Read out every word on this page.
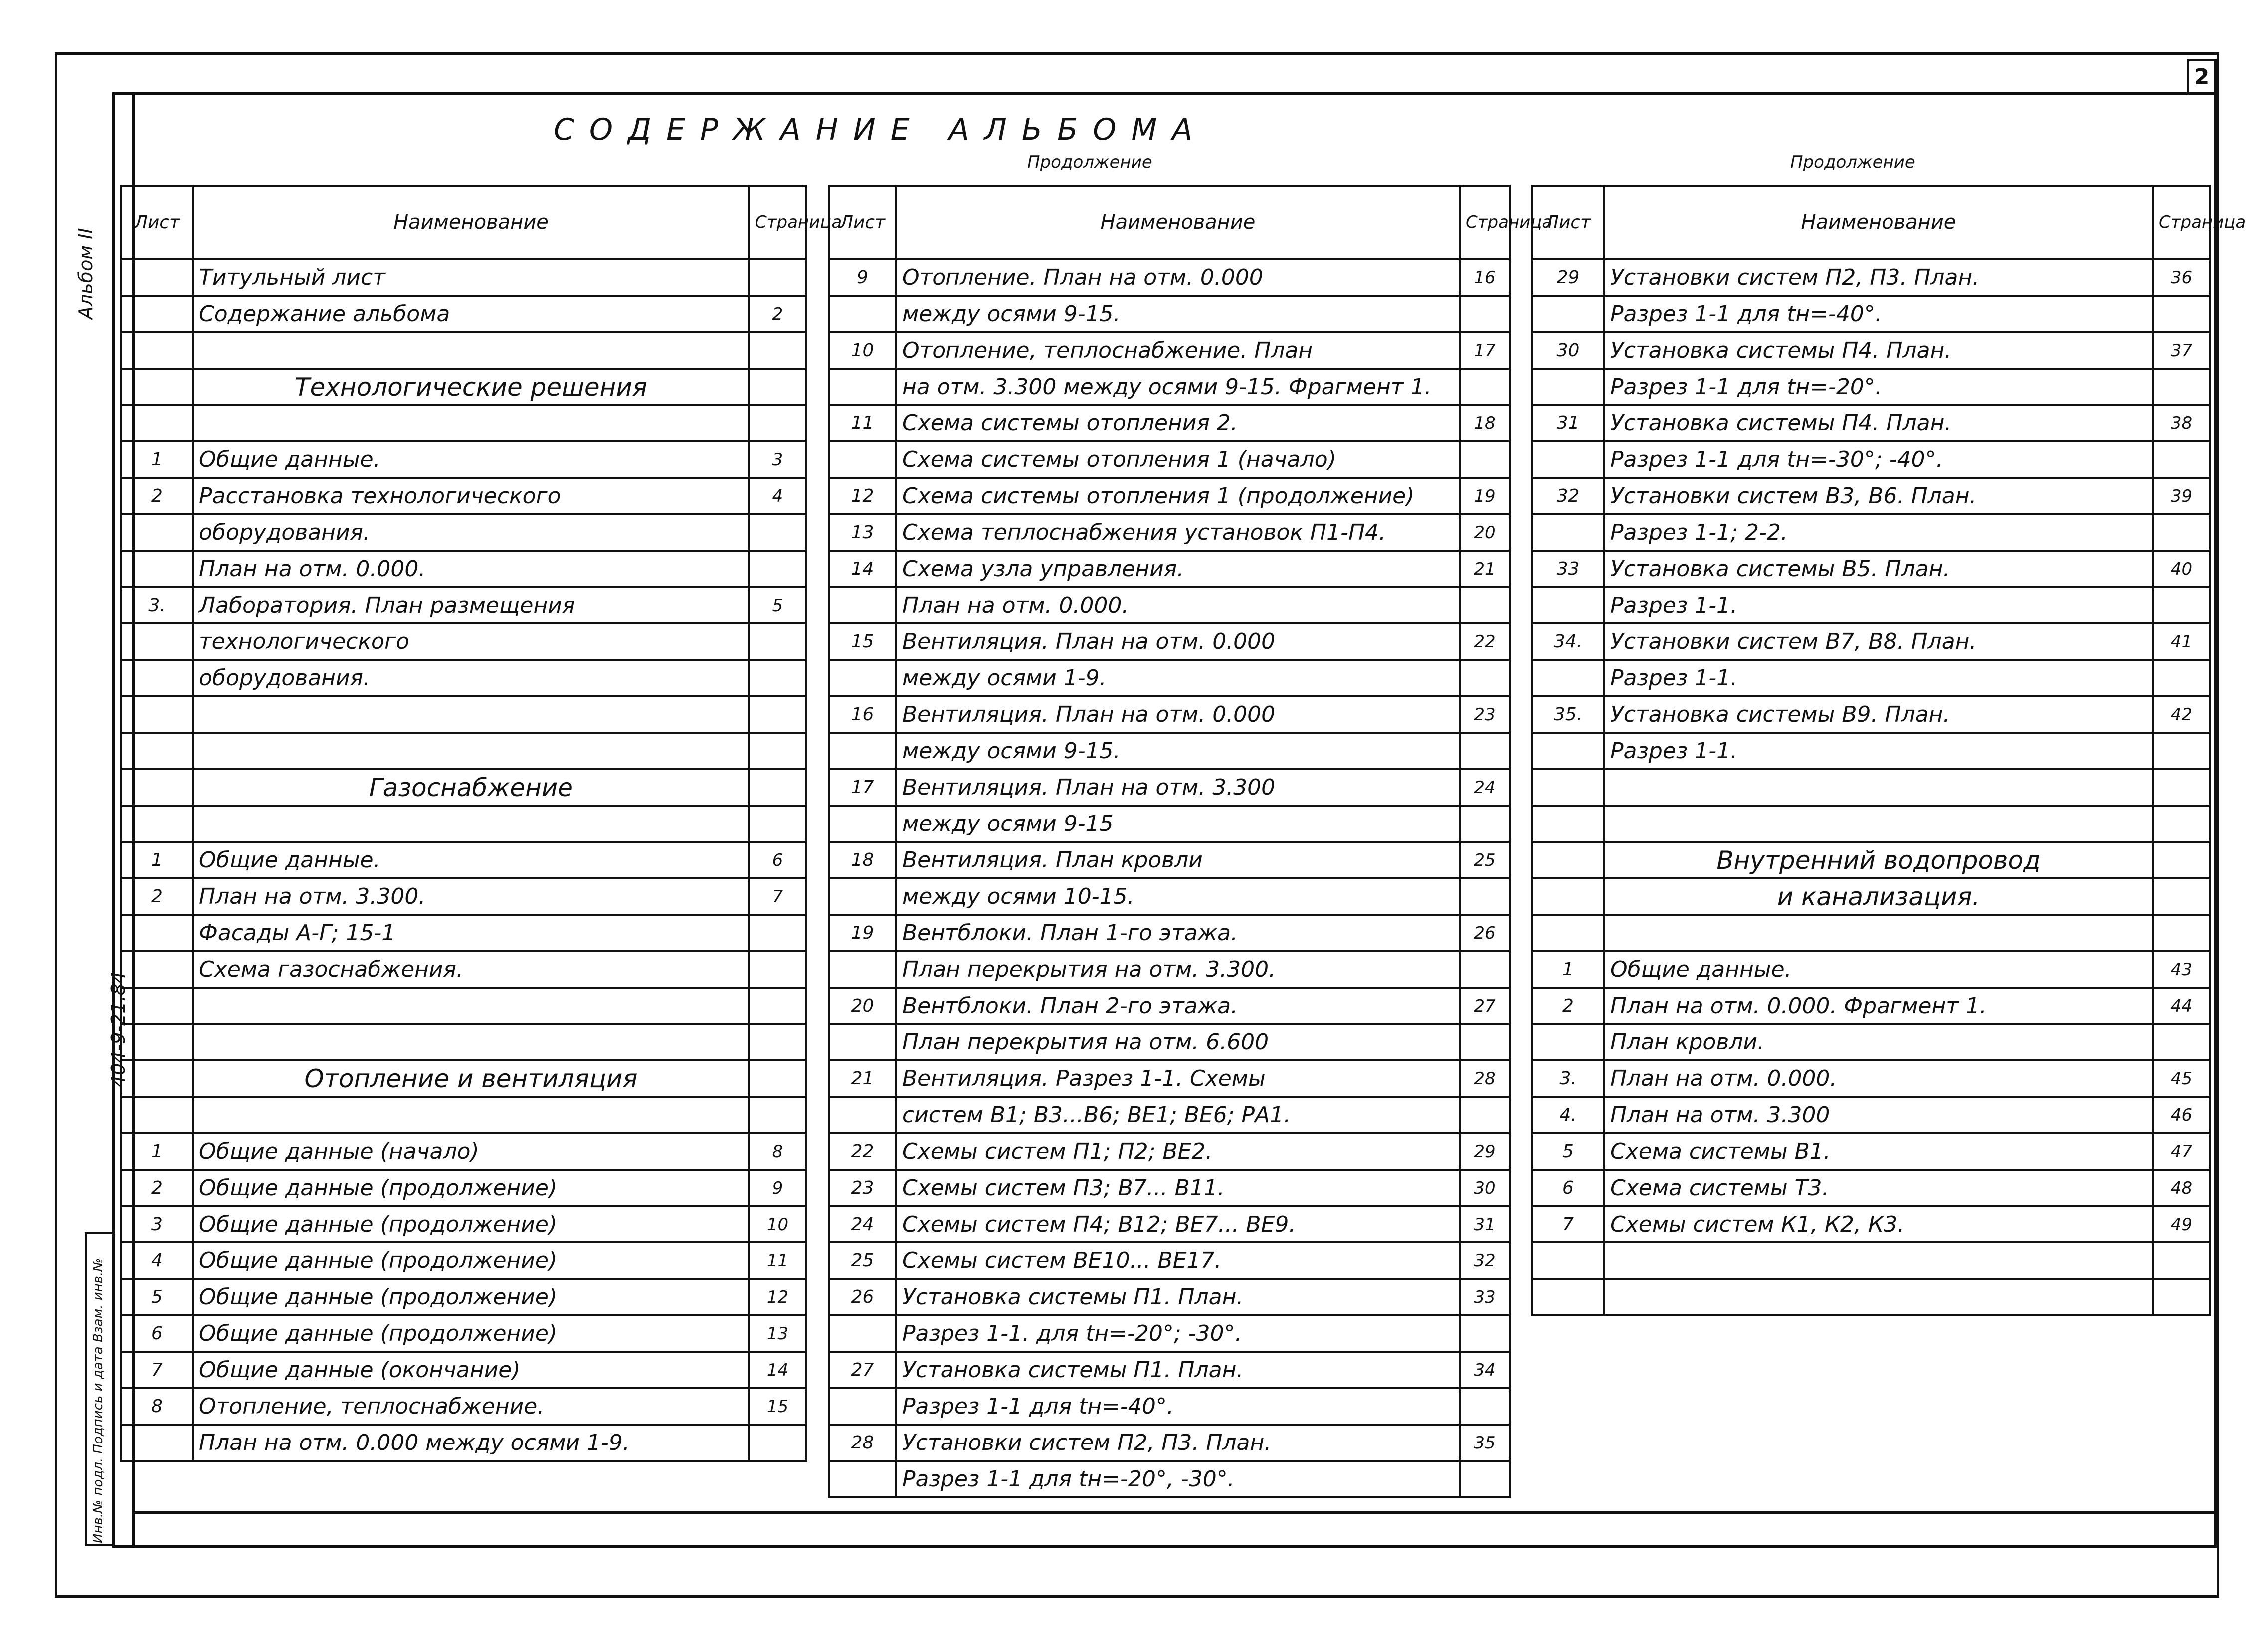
2
Альбом II
404-9-21.84
Инв.№ подл. Подпись и дата Взам. инв.№
СОДЕРЖАНИЕ АЛЬБОМА
Продолжение	Продолжение
Лист	Наименование	Страница
	Титульный лист	
	Содержание альбома	2

	Технологические решения	

1	Общие данные.	3
2	Расстановка технологического	4
	оборудования.	
	План на отм. 0.000.	
3.	Лаборатория. План размещения	5
	технологического	
	оборудования.	

	Газоснабжение	

1	Общие данные.	6
2	План на отм. 3.300.	7
	Фасады А-Г; 15-1	
	Схема газоснабжения.	

	Отопление и вентиляция	

1	Общие данные (начало)	8
2	Общие данные (продолжение)	9
3	Общие данные (продолжение)	10
4	Общие данные (продолжение)	11
5	Общие данные (продолжение)	12
6	Общие данные (продолжение)	13
7	Общие данные (окончание)	14
8	Отопление, теплоснабжение.	15
	План на отм. 0.000 между осями 1-9.	
Лист	Наименование	Страница
9	Отопление. План на отм. 0.000	16
	между осями 9-15.	
10	Отопление, теплоснабжение. План	17
	на отм. 3.300 между осями 9-15. Фрагмент 1.	
11	Схема системы отопления 2.	18
	Схема системы отопления 1 (начало)	
12	Схема системы отопления 1 (продолжение)	19
13	Схема теплоснабжения установок П1-П4.	20
14	Схема узла управления.	21
	План на отм. 0.000.	
15	Вентиляция. План на отм. 0.000	22
	между осями 1-9.	
16	Вентиляция. План на отм. 0.000	23
	между осями 9-15.	
17	Вентиляция. План на отм. 3.300	24
	между осями 9-15	
18	Вентиляция. План кровли	25
	между осями 10-15.	
19	Вентблоки. План 1-го этажа.	26
	План перекрытия на отм. 3.300.	
20	Вентблоки. План 2-го этажа.	27
	План перекрытия на отм. 6.600	
21	Вентиляция. Разрез 1-1. Схемы	28
	систем В1; В3...В6; ВЕ1; ВЕ6; РА1.	
22	Схемы систем П1; П2; ВЕ2.	29
23	Схемы систем П3; В7... В11.	30
24	Схемы систем П4; В12; ВЕ7... ВЕ9.	31
25	Схемы систем ВЕ10... ВЕ17.	32
26	Установка системы П1. План.	33
	Разрез 1-1. для tн=-20°; -30°.	
27	Установка системы П1. План.	34
	Разрез 1-1 для tн=-40°.	
28	Установки систем П2, П3. План.	35
	Разрез 1-1 для tн=-20°, -30°.	
Лист	Наименование	Страница
29	Установки систем П2, П3. План.	36
	Разрез 1-1 для tн=-40°.	
30	Установка системы П4. План.	37
	Разрез 1-1 для tн=-20°.	
31	Установка системы П4. План.	38
	Разрез 1-1 для tн=-30°; -40°.	
32	Установки систем В3, В6. План.	39
	Разрез 1-1; 2-2.	
33	Установка системы В5. План.	40
	Разрез 1-1.	
34.	Установки систем В7, В8. План.	41
	Разрез 1-1.	
35.	Установка системы В9. План.	42
	Разрез 1-1.	

	Внутренний водопровод	
	и канализация.	

1	Общие данные.	43
2	План на отм. 0.000. Фрагмент 1.	44
	План кровли.	
3.	План на отм. 0.000.	45
4.	План на отм. 3.300	46
5	Схема системы В1.	47
6	Схема системы Т3.	48
7	Схемы систем К1, К2, К3.	49
